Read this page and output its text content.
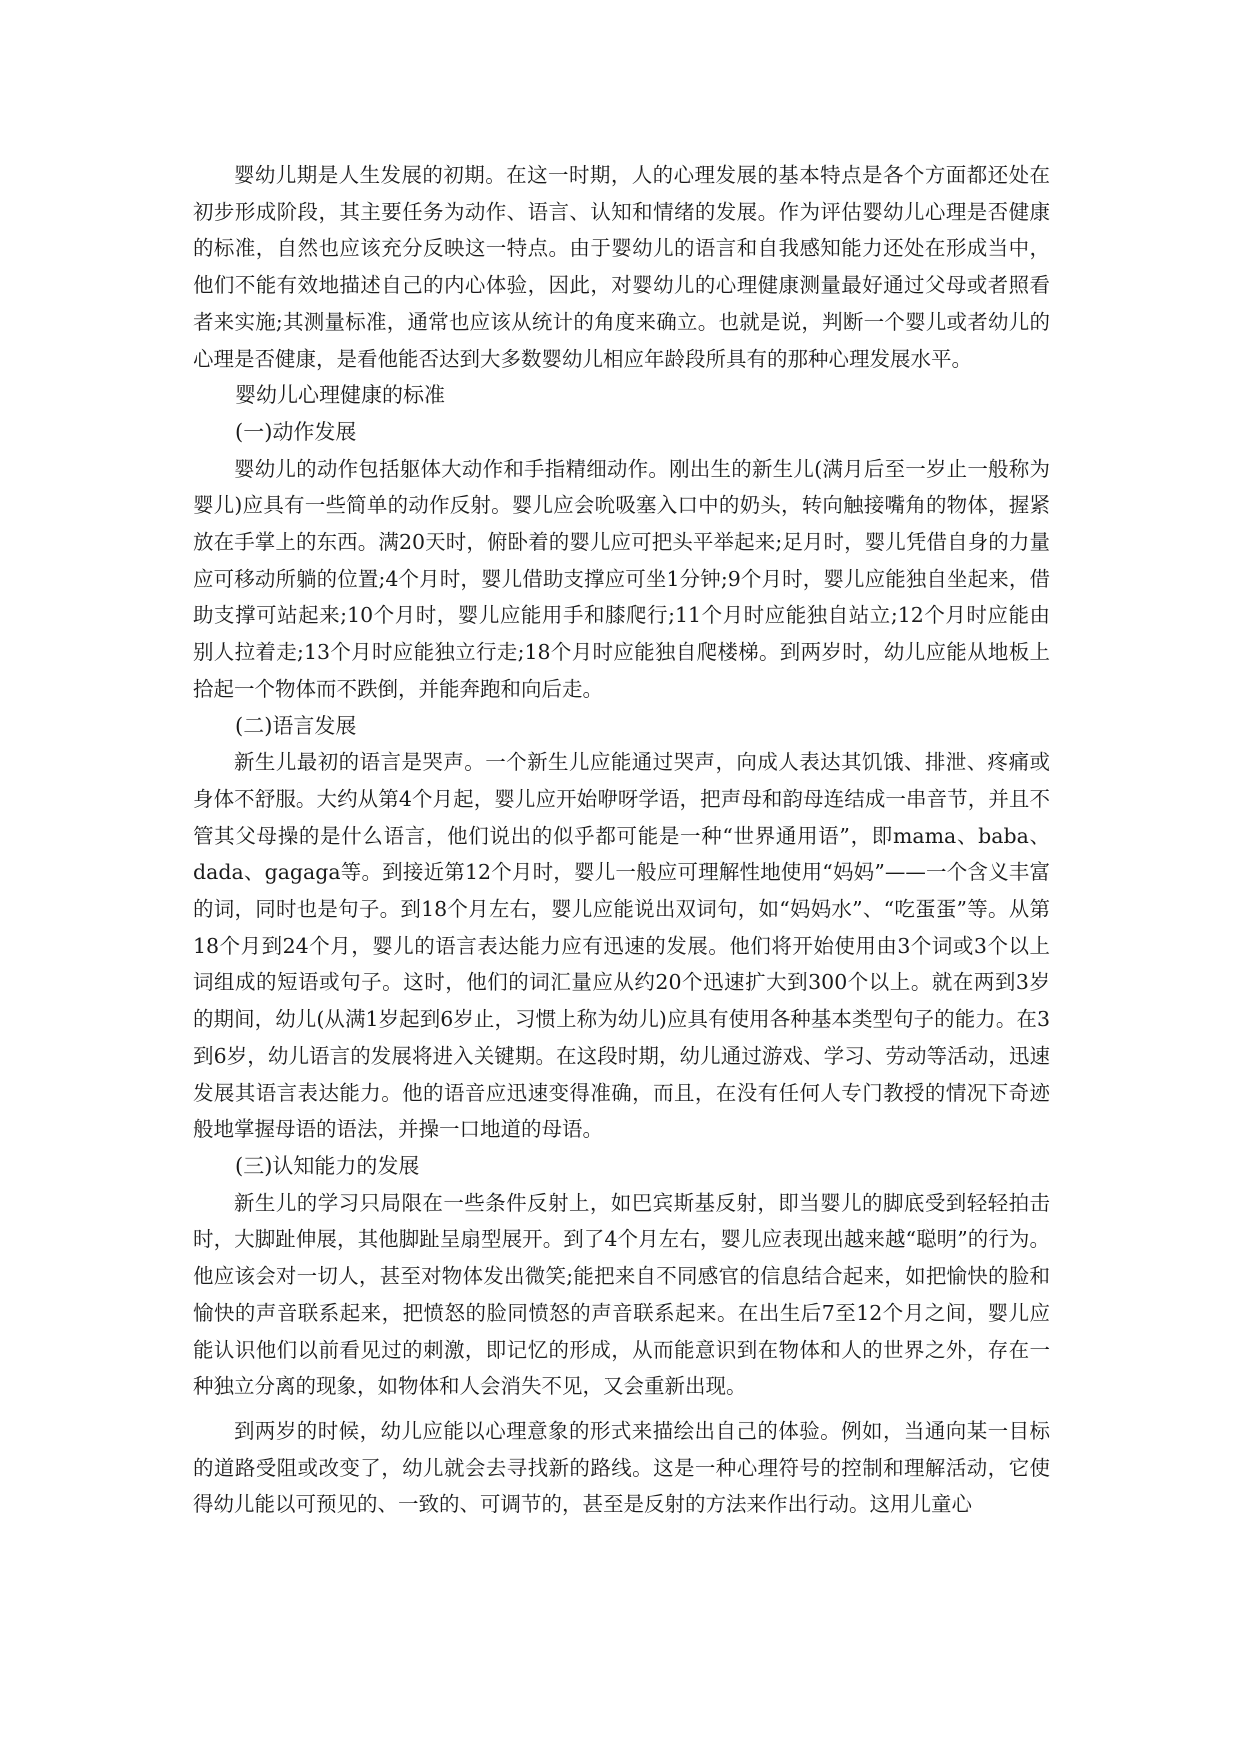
婴幼儿期是人生发展的初期。在这一时期，人的心理发展的基本特点是各个方面都还处在初步形成阶段，其主要任务为动作、语言、认知和情绪的发展。作为评估婴幼儿心理是否健康的标准，自然也应该充分反映这一特点。由于婴幼儿的语言和自我感知能力还处在形成当中，他们不能有效地描述自己的内心体验，因此，对婴幼儿的心理健康测量最好通过父母或者照看者来实施;其测量标准，通常也应该从统计的角度来确立。也就是说，判断一个婴儿或者幼儿的心理是否健康，是看他能否达到大多数婴幼儿相应年龄段所具有的那种心理发展水平。

婴幼儿心理健康的标准

(一)动作发展

婴幼儿的动作包括躯体大动作和手指精细动作。刚出生的新生儿(满月后至一岁止一般称为婴儿)应具有一些简单的动作反射。婴儿应会吮吸塞入口中的奶头，转向触接嘴角的物体，握紧放在手掌上的东西。满20天时，俯卧着的婴儿应可把头平举起来;足月时，婴儿凭借自身的力量应可移动所躺的位置;4个月时，婴儿借助支撑应可坐1分钟;9个月时，婴儿应能独自坐起来，借助支撑可站起来;10个月时，婴儿应能用手和膝爬行;11个月时应能独自站立;12个月时应能由别人拉着走;13个月时应能独立行走;18个月时应能独自爬楼梯。到两岁时，幼儿应能从地板上拾起一个物体而不跌倒，并能奔跑和向后走。

(二)语言发展

新生儿最初的语言是哭声。一个新生儿应能通过哭声，向成人表达其饥饿、排泄、疼痛或身体不舒服。大约从第4个月起，婴儿应开始咿呀学语，把声母和韵母连结成一串音节，并且不管其父母操的是什么语言，他们说出的似乎都可能是一种“世界通用语”，即mama、baba、dada、gagaga等。到接近第12个月时，婴儿一般应可理解性地使用“妈妈”——一个含义丰富的词，同时也是句子。到18个月左右，婴儿应能说出双词句，如“妈妈水”、“吃蛋蛋”等。从第18个月到24个月，婴儿的语言表达能力应有迅速的发展。他们将开始使用由3个词或3个以上词组成的短语或句子。这时，他们的词汇量应从约20个迅速扩大到300个以上。就在两到3岁的期间，幼儿(从满1岁起到6岁止，习惯上称为幼儿)应具有使用各种基本类型句子的能力。在3到6岁，幼儿语言的发展将进入关键期。在这段时期，幼儿通过游戏、学习、劳动等活动，迅速发展其语言表达能力。他的语音应迅速变得准确，而且，在没有任何人专门教授的情况下奇迹般地掌握母语的语法，并操一口地道的母语。

(三)认知能力的发展

新生儿的学习只局限在一些条件反射上，如巴宾斯基反射，即当婴儿的脚底受到轻轻拍击时，大脚趾伸展，其他脚趾呈扇型展开。到了4个月左右，婴儿应表现出越来越“聪明”的行为。他应该会对一切人，甚至对物体发出微笑;能把来自不同感官的信息结合起来，如把愉快的脸和愉快的声音联系起来，把愤怒的脸同愤怒的声音联系起来。在出生后7至12个月之间，婴儿应能认识他们以前看见过的刺激，即记忆的形成，从而能意识到在物体和人的世界之外，存在一种独立分离的现象，如物体和人会消失不见，又会重新出现。

到两岁的时候，幼儿应能以心理意象的形式来描绘出自己的体验。例如，当通向某一目标的道路受阻或改变了，幼儿就会去寻找新的路线。这是一种心理符号的控制和理解活动，它使得幼儿能以可预见的、一致的、可调节的，甚至是反射的方法来作出行动。这用儿童心
